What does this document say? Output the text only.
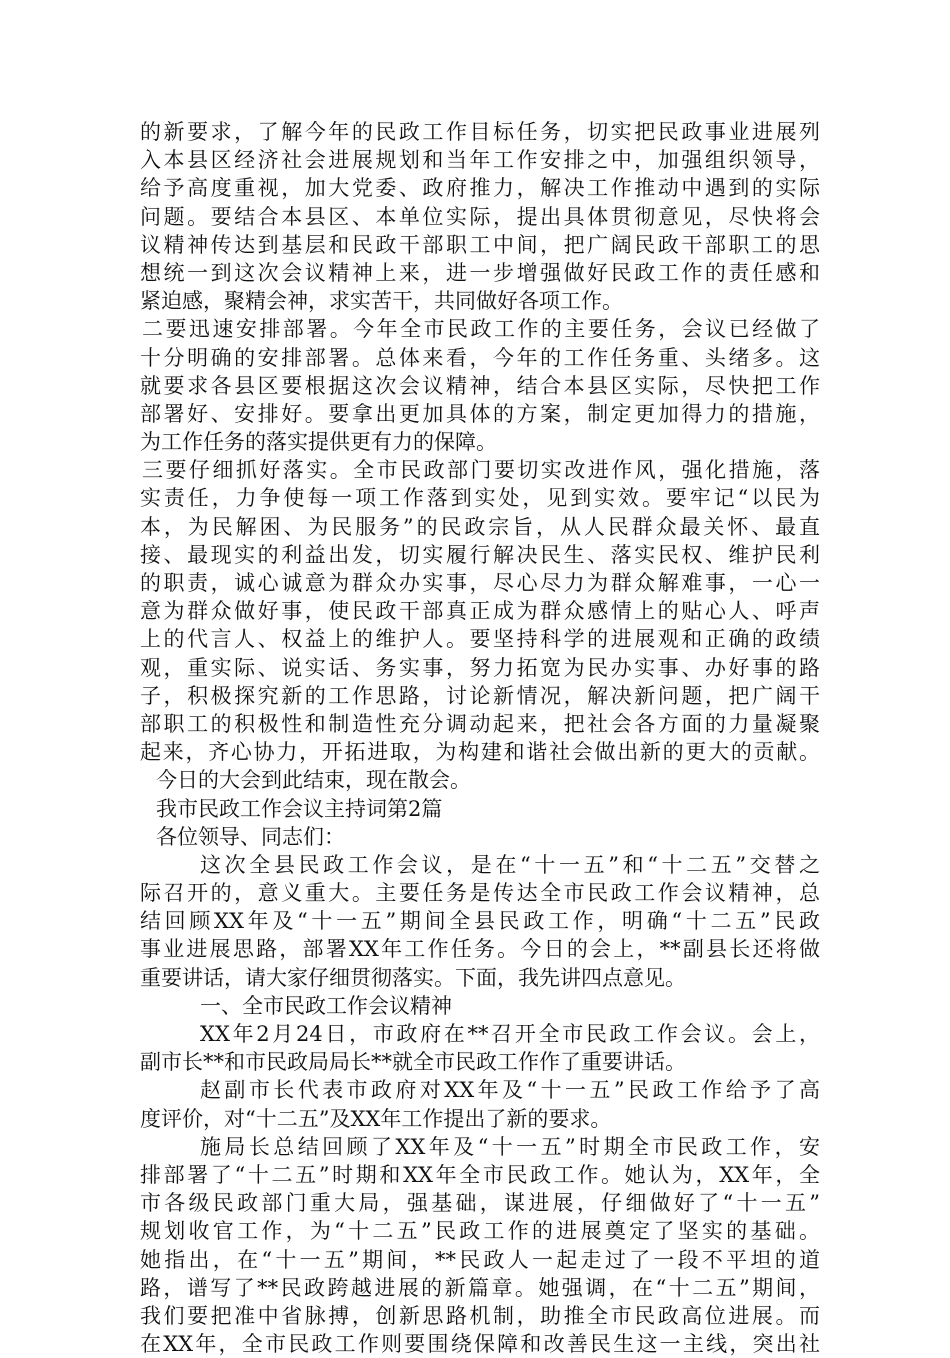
的新要求，了解今年的民政工作目标任务，切实把民政事业进展列
入本县区经济社会进展规划和当年工作安排之中，加强组织领导，
给予高度重视，加大党委、政府推力，解决工作推动中遇到的实际
问题。要结合本县区、本单位实际，提出具体贯彻意见，尽快将会
议精神传达到基层和民政干部职工中间，把广阔民政干部职工的思
想统一到这次会议精神上来，进一步增强做好民政工作的责任感和
紧迫感，聚精会神，求实苦干，共同做好各项工作。
二要迅速安排部署。今年全市民政工作的主要任务，会议已经做了
十分明确的安排部署。总体来看，今年的工作任务重、头绪多。这
就要求各县区要根据这次会议精神，结合本县区实际，尽快把工作
部署好、安排好。要拿出更加具体的方案，制定更加得力的措施，
为工作任务的落实提供更有力的保障。
三要仔细抓好落实。全市民政部门要切实改进作风，强化措施，落
实责任，力争使每一项工作落到实处，见到实效。要牢记“以民为
本，为民解困、为民服务”的民政宗旨，从人民群众最关怀、最直
接、最现实的利益出发，切实履行解决民生、落实民权、维护民利
的职责，诚心诚意为群众办实事，尽心尽力为群众解难事，一心一
意为群众做好事，使民政干部真正成为群众感情上的贴心人、呼声
上的代言人、权益上的维护人。要坚持科学的进展观和正确的政绩
观，重实际、说实话、务实事，努力拓宽为民办实事、办好事的路
子，积极探究新的工作思路，讨论新情况，解决新问题，把广阔干
部职工的积极性和制造性充分调动起来，把社会各方面的力量凝聚
起来，齐心协力，开拓进取，为构建和谐社会做出新的更大的贡献。
今日的大会到此结束，现在散会。
我市民政工作会议主持词第2篇
各位领导、同志们：
这次全县民政工作会议，是在“十一五”和“十二五”交替之
际召开的，意义重大。主要任务是传达全市民政工作会议精神，总
结回顾XX年及“十一五”期间全县民政工作，明确“十二五”民政
事业进展思路，部署XX年工作任务。今日的会上，**副县长还将做
重要讲话，请大家仔细贯彻落实。下面，我先讲四点意见。
一、全市民政工作会议精神
XX年2月24日，市政府在**召开全市民政工作会议。会上，
副市长**和市民政局局长**就全市民政工作作了重要讲话。
赵副市长代表市政府对XX年及“十一五”民政工作给予了高
度评价，对“十二五”及XX年工作提出了新的要求。
施局长总结回顾了XX年及“十一五”时期全市民政工作，安
排部署了“十二五”时期和XX年全市民政工作。她认为，XX年，全
市各级民政部门重大局，强基础，谋进展，仔细做好了“十一五”
规划收官工作，为“十二五”民政工作的进展奠定了坚实的基础。
她指出，在“十一五”期间，**民政人一起走过了一段不平坦的道
路，谱写了**民政跨越进展的新篇章。她强调，在“十二五”期间，
我们要把准中省脉搏，创新思路机制，助推全市民政高位进展。而
在XX年，全市民政工作则要围绕保障和改善民生这一主线，突出社
